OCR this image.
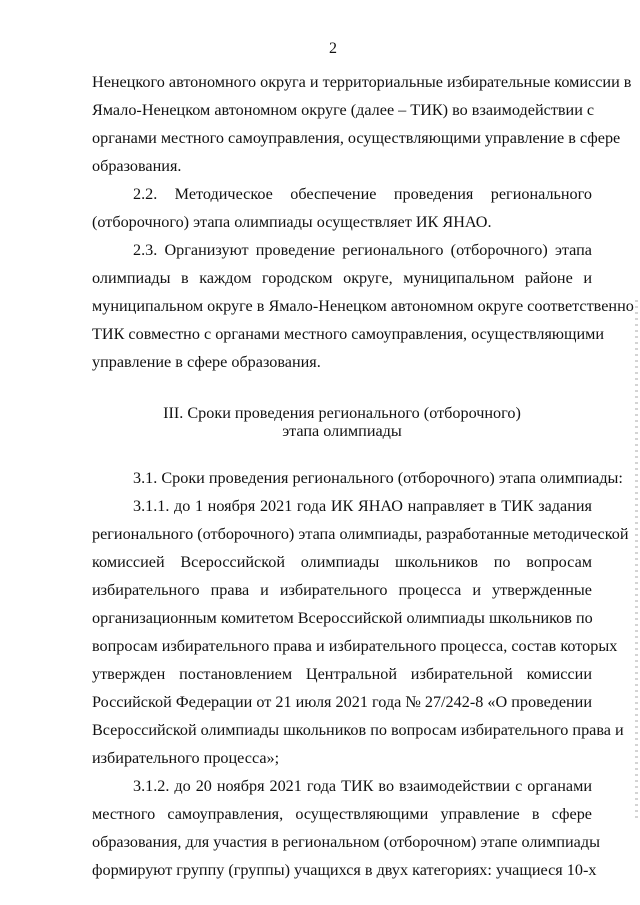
2
Ненецкого автономного округа и территориальные избирательные комиссии в
Ямало-Ненецком автономном округе (далее – ТИК) во взаимодействии с
органами местного самоуправления, осуществляющими управление в сфере
образования.
2.2. Методическое обеспечение проведения регионального
(отборочного) этапа олимпиады осуществляет ИК ЯНАО.
2.3. Организуют проведение регионального (отборочного) этапа
олимпиады в каждом городском округе, муниципальном районе и
муниципальном округе в Ямало-Ненецком автономном округе соответственно
ТИК совместно с органами местного самоуправления, осуществляющими
управление в сфере образования.
III. Сроки проведения регионального (отборочного)
этапа олимпиады
3.1. Сроки проведения регионального (отборочного) этапа олимпиады:
3.1.1. до 1 ноября 2021 года ИК ЯНАО направляет в ТИК задания
регионального (отборочного) этапа олимпиады, разработанные методической
комиссией Всероссийской олимпиады школьников по вопросам
избирательного права и избирательного процесса и утвержденные
организационным комитетом Всероссийской олимпиады школьников по
вопросам избирательного права и избирательного процесса, состав которых
утвержден постановлением Центральной избирательной комиссии
Российской Федерации от 21 июля 2021 года № 27/242-8 «О проведении
Всероссийской олимпиады школьников по вопросам избирательного права и
избирательного процесса»;
3.1.2. до 20 ноября 2021 года ТИК во взаимодействии с органами
местного самоуправления, осуществляющими управление в сфере
образования, для участия в региональном (отборочном) этапе олимпиады
формируют группу (группы) учащихся в двух категориях: учащиеся 10-х
